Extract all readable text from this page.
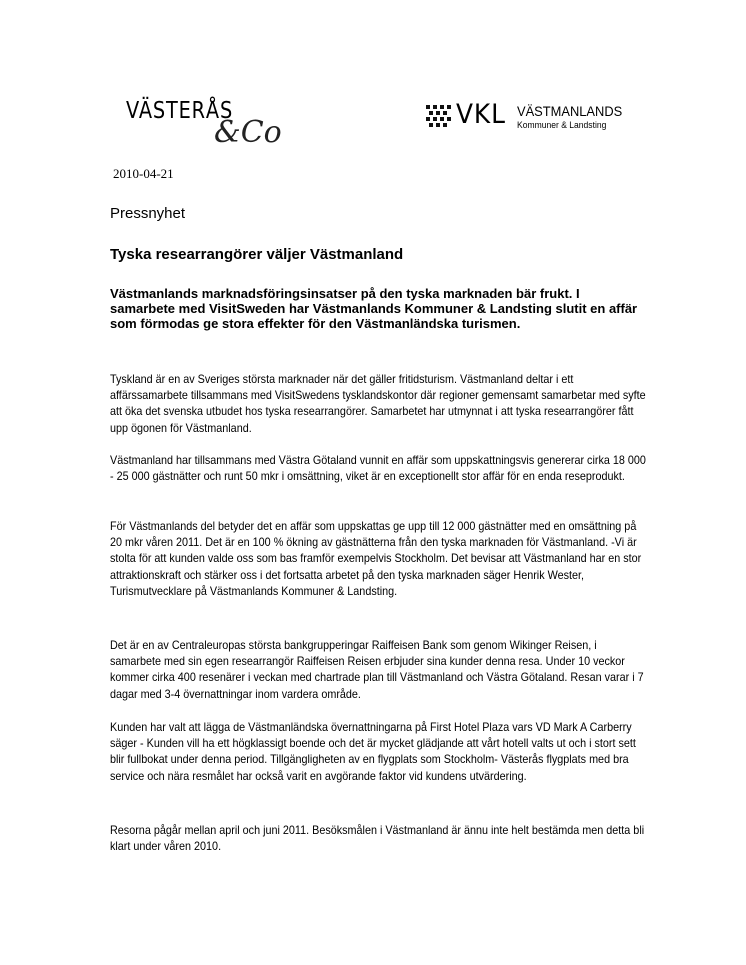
VÄSTERÅS
&Co
VKL VÄSTMANLANDS
Kommuner & Landsting
2010-04-21
Pressnyhet
Tyska researrangörer väljer Västmanland
Västmanlands marknadsföringsinsatser på den tyska marknaden bär frukt. I samarbete med VisitSweden har Västmanlands Kommuner & Landsting slutit en affär som förmodas ge stora effekter för den Västmanländska turismen.

Tyskland är en av Sveriges största marknader när det gäller fritidsturism. Västmanland deltar i ett affärssamarbete tillsammans med VisitSwedens tysklandskontor där regioner gemensamt samarbetar med syfte att öka det svenska utbudet hos tyska researrangörer. Samarbetet har utmynnat i att tyska researrangörer fått upp ögonen för Västmanland.

Västmanland har tillsammans med Västra Götaland vunnit en affär som uppskattningsvis genererar cirka 18 000 - 25 000 gästnätter och runt 50 mkr i omsättning, viket är en exceptionellt stor affär för en enda reseprodukt.

För Västmanlands del betyder det en affär som uppskattas ge upp till 12 000 gästnätter med en omsättning på 20 mkr våren 2011. Det är en 100 % ökning av gästnätterna från den tyska marknaden för Västmanland. -Vi är stolta för att kunden valde oss som bas framför exempelvis Stockholm. Det bevisar att Västmanland har en stor attraktionskraft och stärker oss i det fortsatta arbetet på den tyska marknaden säger Henrik Wester, Turismutvecklare på Västmanlands Kommuner & Landsting.

Det är en av Centraleuropas största bankgrupperingar Raiffeisen Bank som genom Wikinger Reisen, i samarbete med sin egen researrangör Raiffeisen Reisen erbjuder sina kunder denna resa. Under 10 veckor kommer cirka 400 resenärer i veckan med chartrade plan till Västmanland och Västra Götaland. Resan varar i 7 dagar med 3-4 övernattningar inom vardera område.

Kunden har valt att lägga de Västmanländska övernattningarna på First Hotel Plaza vars VD Mark A Carberry säger - Kunden vill ha ett högklassigt boende och det är mycket glädjande att vårt hotell valts ut och i stort sett blir fullbokat under denna period. Tillgängligheten av en flygplats som Stockholm- Västerås flygplats med bra service och nära resmålet har också varit en avgörande faktor vid kundens utvärdering.

Resorna pågår mellan april och juni 2011. Besöksmålen i Västmanland är ännu inte helt bestämda men detta bli klart under våren 2010.
